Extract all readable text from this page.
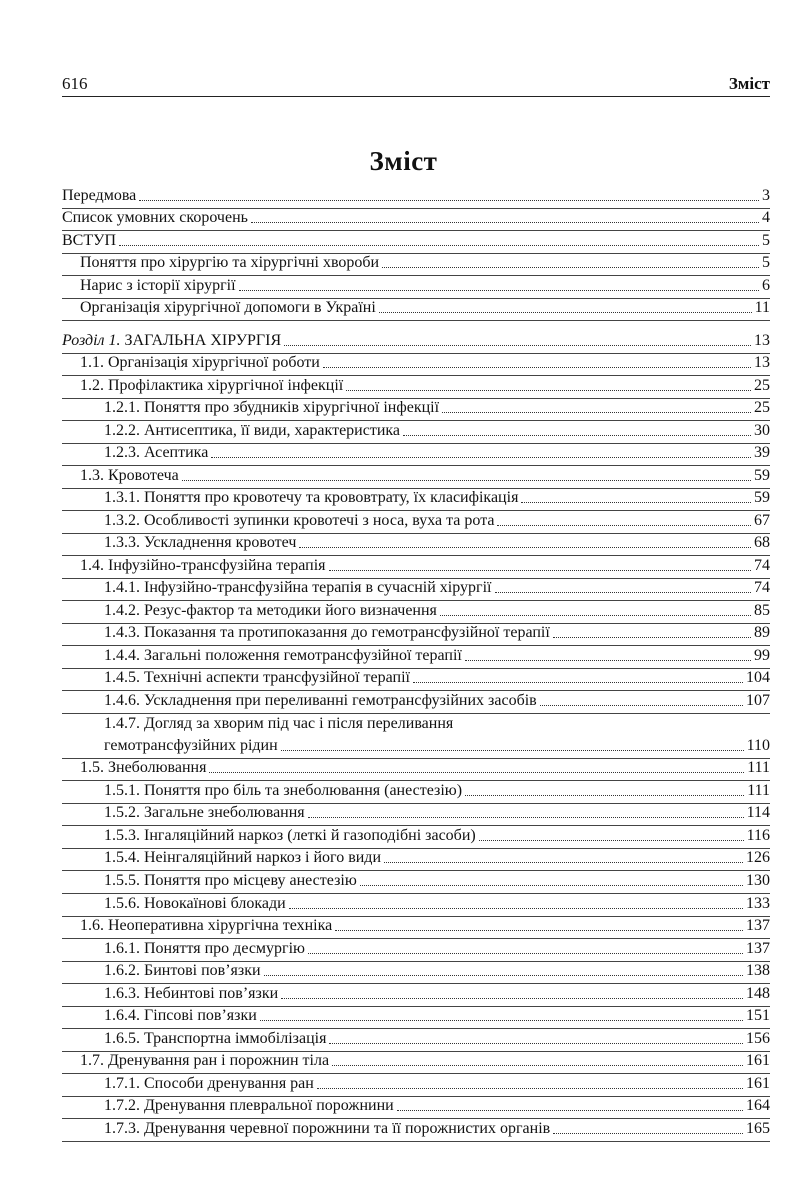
616	Зміст
Зміст
Передмова	3
Список умовних скорочень	4
ВСТУП	5
Поняття про хірургію та хірургічні хвороби	5
Нарис з історії хірургії	6
Організація хірургічної допомоги в Україні	11
Розділ 1. ЗАГАЛЬНА ХІРУРГІЯ	13
1.1. Організація хірургічної роботи	13
1.2. Профілактика хірургічної інфекції	25
1.2.1. Поняття про збудників хірургічної інфекції	25
1.2.2. Антисептика, її види, характеристика	30
1.2.3. Асептика	39
1.3. Кровотеча	59
1.3.1. Поняття про кровотечу та крововтрату, їх класифікація	59
1.3.2. Особливості зупинки кровотечі з носа, вуха та рота	67
1.3.3. Ускладнення кровотеч	68
1.4. Інфузійно-трансфузійна терапія	74
1.4.1. Інфузійно-трансфузійна терапія в сучасній хірургії	74
1.4.2. Резус-фактор та методики його визначення	85
1.4.3. Показання та протипоказання до гемотрансфузійної терапії	89
1.4.4. Загальні положення гемотрансфузійної терапії	99
1.4.5. Технічні аспекти трансфузійної терапії	104
1.4.6. Ускладнення при переливанні гемотрансфузійних засобів	107
1.4.7. Догляд за хворим під час і після переливання
гемотрансфузійних рідин	110
1.5. Знеболювання	111
1.5.1. Поняття про біль та знеболювання (анестезію)	111
1.5.2. Загальне знеболювання	114
1.5.3. Інгаляційний наркоз (леткі й газоподібні засоби)	116
1.5.4. Неінгаляційний наркоз і його види	126
1.5.5. Поняття про місцеву анестезію	130
1.5.6. Новокаїнові блокади	133
1.6. Неоперативна хірургічна техніка	137
1.6.1. Поняття про десмургію	137
1.6.2. Бинтові пов’язки	138
1.6.3. Небинтові пов’язки	148
1.6.4. Гіпсові пов’язки	151
1.6.5. Транспортна іммобілізація	156
1.7. Дренування ран і порожнин тіла	161
1.7.1. Способи дренування ран	161
1.7.2. Дренування плевральної порожнини	164
1.7.3. Дренування черевної порожнини та її порожнистих органів	165
